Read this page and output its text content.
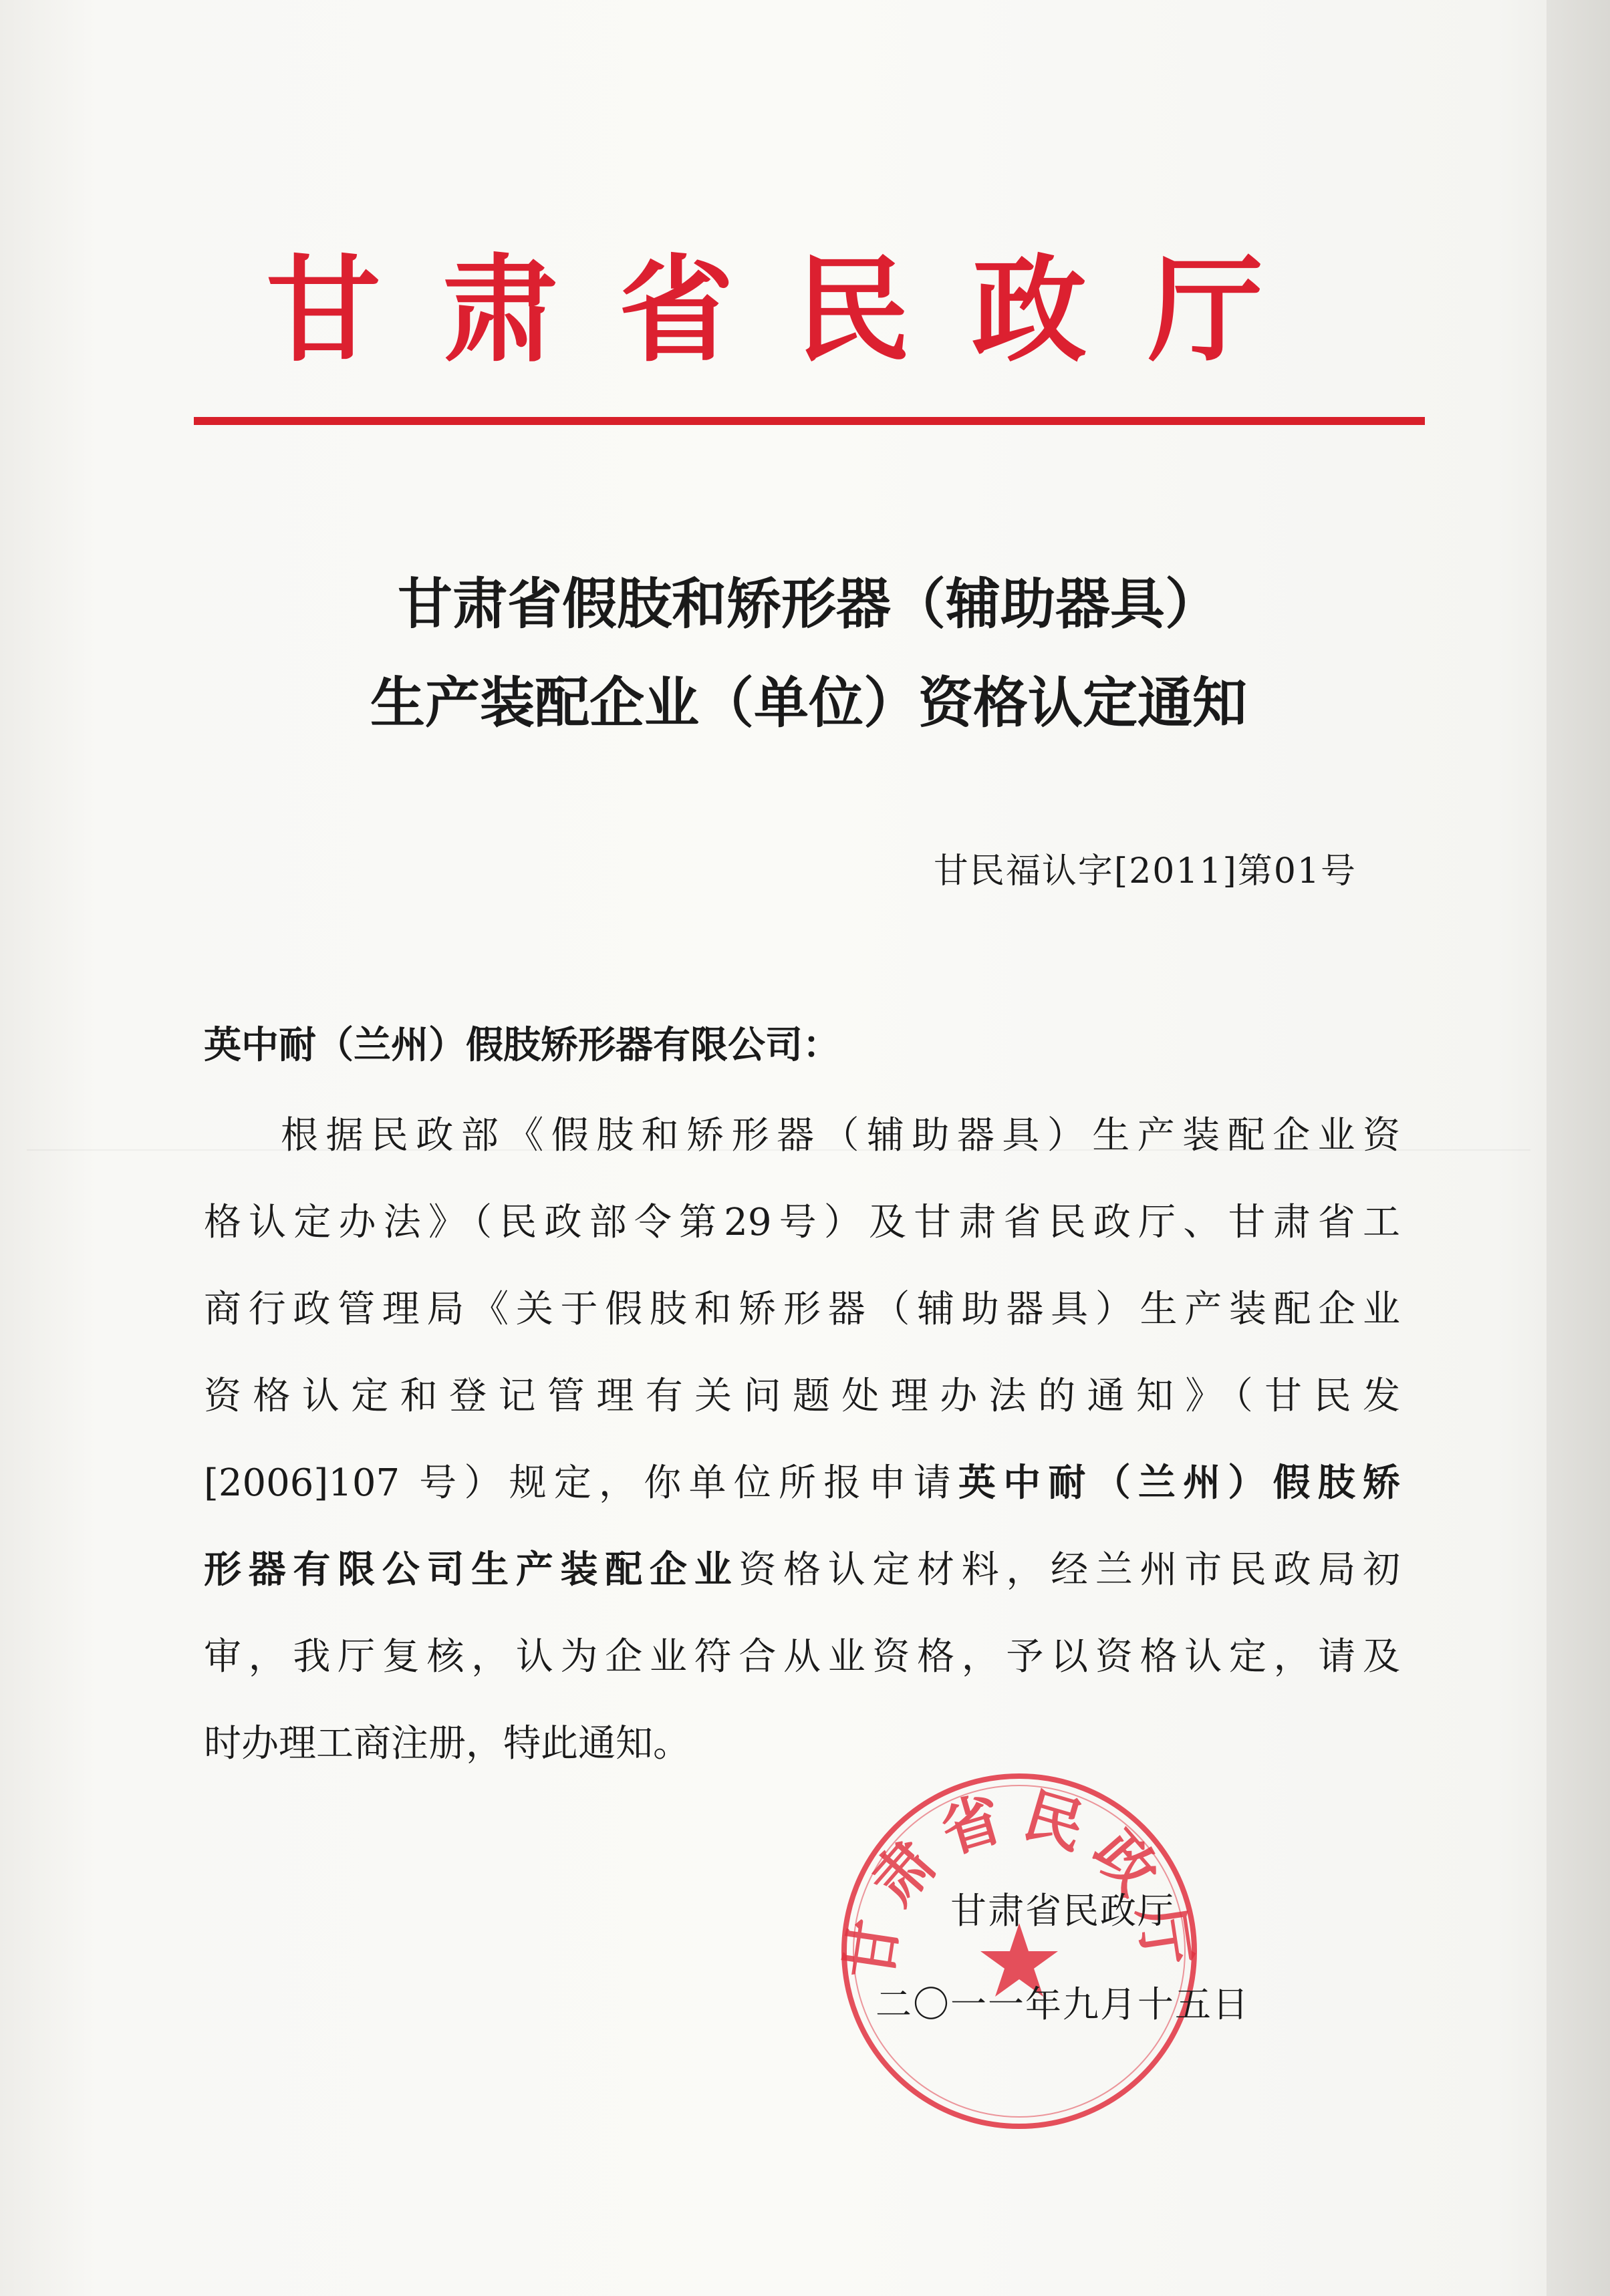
甘肃省民政厅
甘肃省假肢和矫形器（辅助器具）
生产装配企业（单位）资格认定通知
甘民福认字[2011]第01号
英中耐（兰州）假肢矫形器有限公司：
根据民政部《假肢和矫形器（辅助器具）生产装配企业资
格认定办法》（民政部令第29号）及甘肃省民政厅、甘肃省工
商行政管理局《关于假肢和矫形器（辅助器具）生产装配企业
资格认定和登记管理有关问题处理办法的通知》（甘民发
[2006]107 号）规定，你单位所报申请英中耐（兰州）假肢矫
形器有限公司生产装配企业资格认定材料，经兰州市民政局初
审，我厅复核，认为企业符合从业资格，予以资格认定，请及
时办理工商注册，特此通知。
甘肃省民政厅
甘肃省民政厅
二〇一一年九月十五日
